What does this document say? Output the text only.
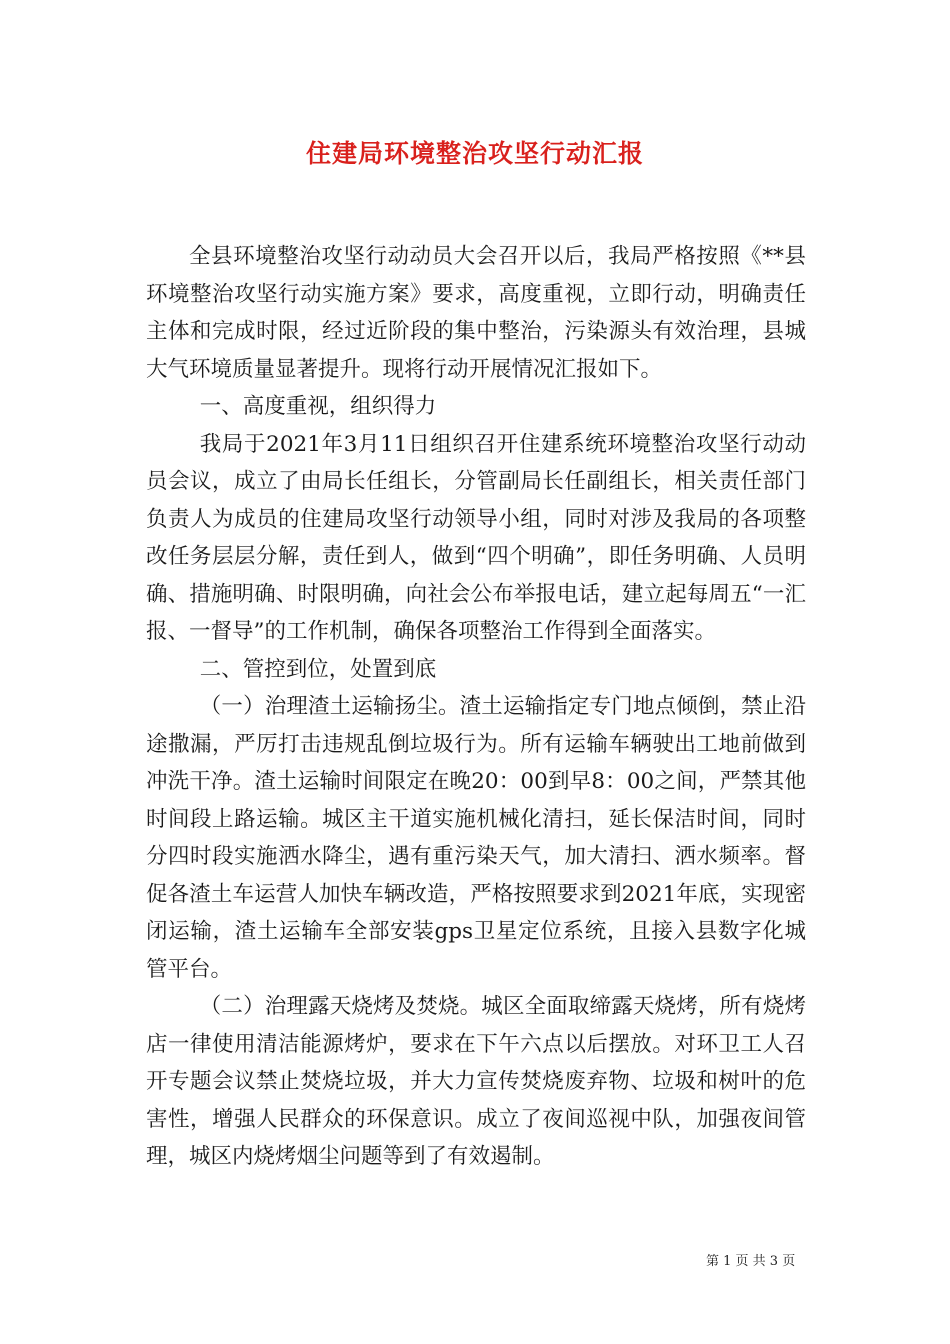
住建局环境整治攻坚行动汇报

全县环境整治攻坚行动动员大会召开以后，我局严格按照《**县环境整治攻坚行动实施方案》要求，高度重视，立即行动，明确责任主体和完成时限，经过近阶段的集中整治，污染源头有效治理，县城大气环境质量显著提升。现将行动开展情况汇报如下。

一、高度重视，组织得力

我局于2021年3月11日组织召开住建系统环境整治攻坚行动动员会议，成立了由局长任组长，分管副局长任副组长，相关责任部门负责人为成员的住建局攻坚行动领导小组，同时对涉及我局的各项整改任务层层分解，责任到人，做到“四个明确”，即任务明确、人员明确、措施明确、时限明确，向社会公布举报电话，建立起每周五“一汇报、一督导”的工作机制，确保各项整治工作得到全面落实。

二、管控到位，处置到底

（一）治理渣土运输扬尘。渣土运输指定专门地点倾倒，禁止沿途撒漏，严厉打击违规乱倒垃圾行为。所有运输车辆驶出工地前做到冲洗干净。渣土运输时间限定在晚20：00到早8：00之间，严禁其他时间段上路运输。城区主干道实施机械化清扫，延长保洁时间，同时分四时段实施洒水降尘，遇有重污染天气，加大清扫、洒水频率。督促各渣土车运营人加快车辆改造，严格按照要求到2021年底，实现密闭运输，渣土运输车全部安装gps卫星定位系统，且接入县数字化城管平台。

（二）治理露天烧烤及焚烧。城区全面取缔露天烧烤，所有烧烤店一律使用清洁能源烤炉，要求在下午六点以后摆放。对环卫工人召开专题会议禁止焚烧垃圾，并大力宣传焚烧废弃物、垃圾和树叶的危害性，增强人民群众的环保意识。成立了夜间巡视中队，加强夜间管理，城区内烧烤烟尘问题等到了有效遏制。

第 1 页 共 3 页
